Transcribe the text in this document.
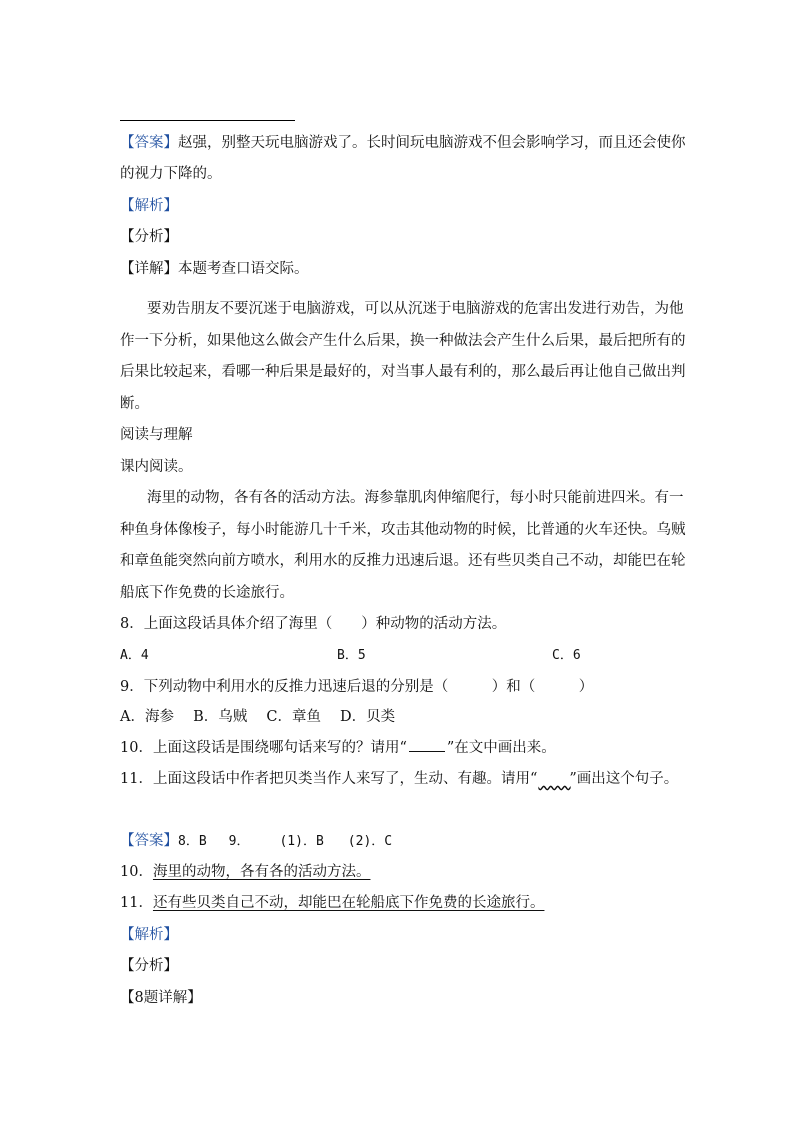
【答案】赵强，别整天玩电脑游戏了。长时间玩电脑游戏不但会影响学习，而且还会使你
的视力下降的。
【解析】
【分析】
【详解】本题考查口语交际。
要劝告朋友不要沉迷于电脑游戏，可以从沉迷于电脑游戏的危害出发进行劝告，为他
作一下分析，如果他这么做会产生什么后果，换一种做法会产生什么后果，最后把所有的
后果比较起来，看哪一种后果是最好的，对当事人最有利的，那么最后再让他自己做出判
断。
阅读与理解
课内阅读。
海里的动物，各有各的活动方法。海参靠肌肉伸缩爬行，每小时只能前进四米。有一
种鱼身体像梭子，每小时能游几十千米，攻击其他动物的时候，比普通的火车还快。乌贼
和章鱼能突然向前方喷水，利用水的反推力迅速后退。还有些贝类自己不动，却能巴在轮
船底下作免费的长途旅行。
8．上面这段话具体介绍了海里（　　）种动物的活动方法。
A．4	B．5	C．6
9．下列动物中利用水的反推力迅速后退的分别是（　　　）和（　　　）
A．海参　 B．乌贼　 C．章鱼　 D．贝类
10．上面这段话是围绕哪句话来写的？请用“	”在文中画出来。
11．上面这段话中作者把贝类当作人来写了，生动、有趣。请用“ ”画出这个句子。
【答案】8．B 9． (1)．B (2)．C
10．海里的动物，各有各的活动方法。
11．还有些贝类自己不动，却能巴在轮船底下作免费的长途旅行。
【解析】
【分析】
【8题详解】
